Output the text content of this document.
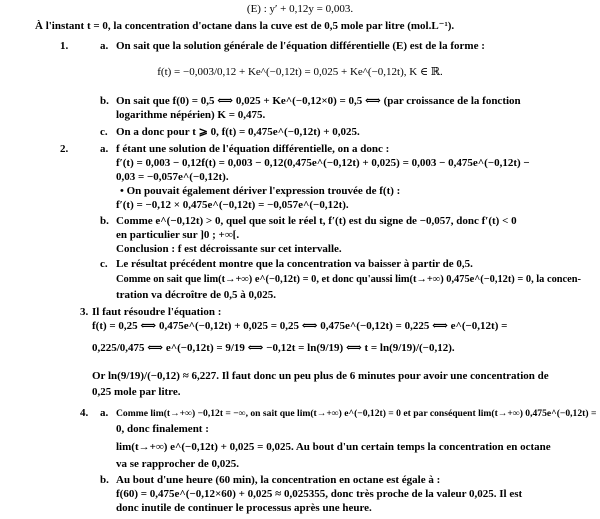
(E) : y′ + 0,12y = 0,003.
À l'instant t = 0, la concentration d'octane dans la cuve est de 0,5 mole par litre (mol.L⁻¹).
1.	a. On sait que la solution générale de l'équation différentielle (E) est de la forme :
f(t) = −0,003/0,12 + Ke^(−0,12t) = 0,025 + Ke^(−0,12t), K ∈ ℝ.
b. On sait que f(0) = 0,5 ⟺ 0,025 + Ke^(−0,12×0) = 0,5 ⟺ (par croissance de la fonction
logarithme népérien) K = 0,475.
c. On a donc pour t ⩾ 0, f(t) = 0,475e^(−0,12t) + 0,025.
2.	a. f étant une solution de l'équation différentielle, on a donc :
f′(t) = 0,003 − 0,12f(t) = 0,003 − 0,12(0,475e^(−0,12t) + 0,025) = 0,003 − 0,475e^(−0,12t) −
0,03 = −0,057e^(−0,12t).
• On pouvait également dériver l'expression trouvée de f(t) :
f′(t) = −0,12 × 0,475e^(−0,12t) = −0,057e^(−0,12t).
b. Comme e^(−0,12t) > 0, quel que soit le réel t, f′(t) est du signe de −0,057, donc f′(t) < 0
en particulier sur ]0 ; +∞[.
Conclusion : f est décroissante sur cet intervalle.
c. Le résultat précédent montre que la concentration va baisser à partir de 0,5.
Comme on sait que lim(t→+∞) e^(−0,12t) = 0, et donc qu'aussi lim(t→+∞) 0,475e^(−0,12t) = 0, la concen-
tration va décroître de 0,5 à 0,025.
3. Il faut résoudre l'équation :
f(t) = 0,25 ⟺ 0,475e^(−0,12t) + 0,025 = 0,25 ⟺ 0,475e^(−0,12t) = 0,225 ⟺ e^(−0,12t) =
0,225/0,475 ⟺ e^(−0,12t) = 9/19 ⟺ −0,12t = ln(9/19) ⟺ t = ln(9/19)/(−0,12).
Or ln(9/19)/(−0,12) ≈ 6,227. Il faut donc un peu plus de 6 minutes pour avoir une concentration de
0,25 mole par litre.
4. a. Comme lim(t→+∞) −0,12t = −∞, on sait que lim(t→+∞) e^(−0,12t) = 0 et par conséquent lim(t→+∞) 0,475e^(−0,12t) =
0, donc finalement :
lim(t→+∞) e^(−0,12t) + 0,025 = 0,025. Au bout d'un certain temps la concentration en octane
va se rapprocher de 0,025.
b. Au bout d'une heure (60 min), la concentration en octane est égale à :
f(60) = 0,475e^(−0,12×60) + 0,025 ≈ 0,025355, donc très proche de la valeur 0,025. Il est
donc inutile de continuer le processus après une heure.
